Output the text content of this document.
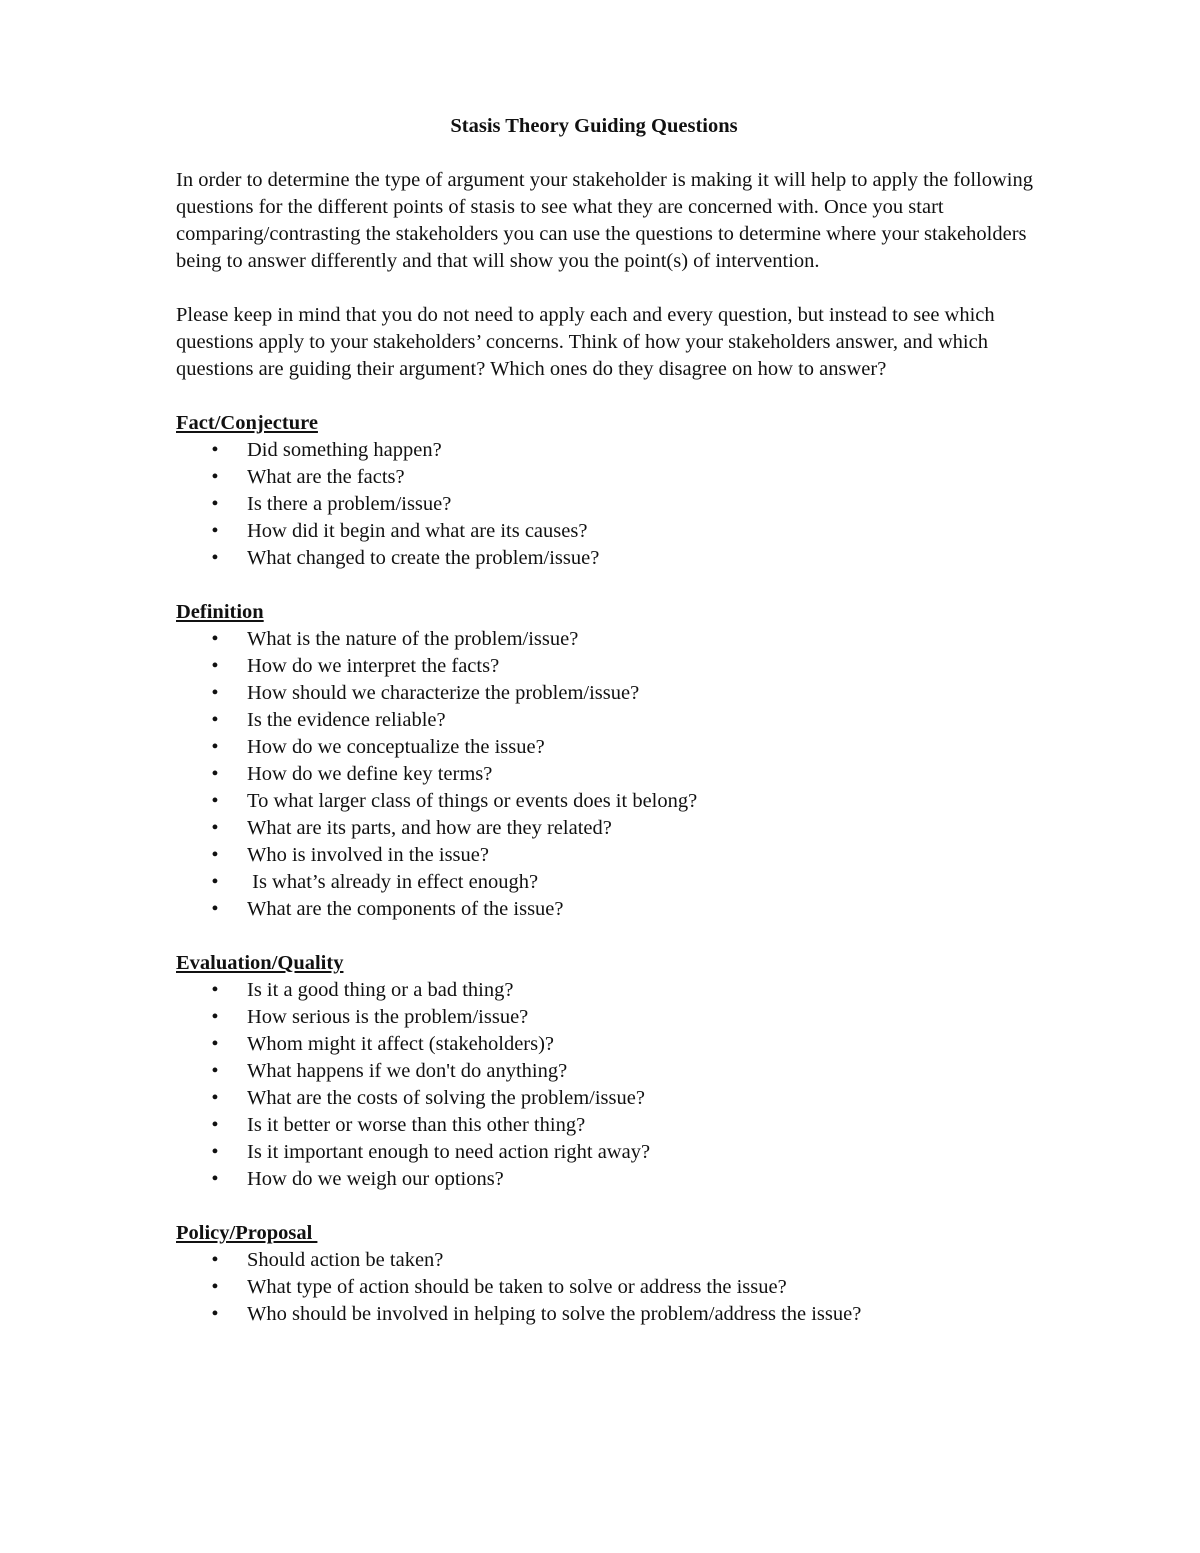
Stasis Theory Guiding Questions

In order to determine the type of argument your stakeholder is making it will help to apply the following questions for the different points of stasis to see what they are concerned with. Once you start comparing/contrasting the stakeholders you can use the questions to determine where your stakeholders being to answer differently and that will show you the point(s) of intervention.

Please keep in mind that you do not need to apply each and every question, but instead to see which questions apply to your stakeholders’ concerns. Think of how your stakeholders answer, and which questions are guiding their argument? Which ones do they disagree on how to answer?

Fact/Conjecture
• Did something happen?
• What are the facts?
• Is there a problem/issue?
• How did it begin and what are its causes?
• What changed to create the problem/issue?
Definition
• What is the nature of the problem/issue?
• How do we interpret the facts?
• How should we characterize the problem/issue?
• Is the evidence reliable?
• How do we conceptualize the issue?
• How do we define key terms?
• To what larger class of things or events does it belong?
• What are its parts, and how are they related?
• Who is involved in the issue?
• Is what’s already in effect enough?
• What are the components of the issue?
Evaluation/Quality
• Is it a good thing or a bad thing?
• How serious is the problem/issue?
• Whom might it affect (stakeholders)?
• What happens if we don't do anything?
• What are the costs of solving the problem/issue?
• Is it better or worse than this other thing?
• Is it important enough to need action right away?
• How do we weigh our options?
Policy/Proposal
• Should action be taken?
• What type of action should be taken to solve or address the issue?
• Who should be involved in helping to solve the problem/address the issue?
